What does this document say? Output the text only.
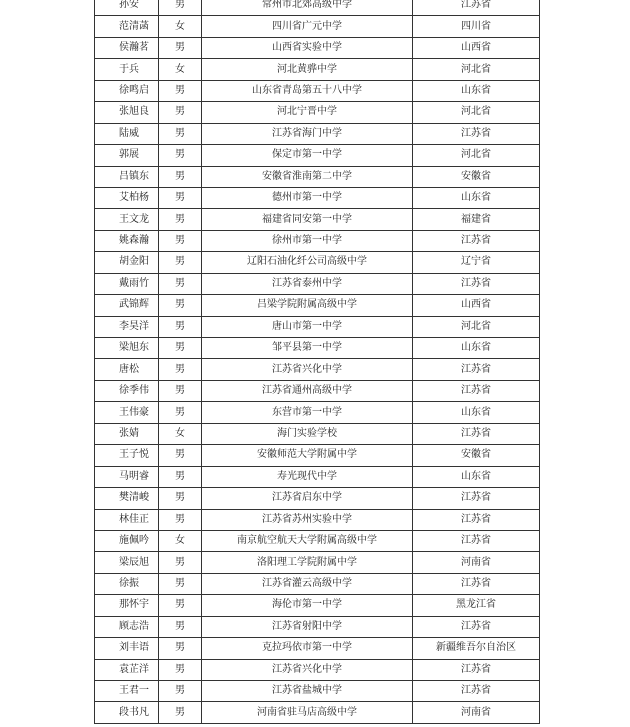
孙安	男	常州市北郊高级中学	江苏省
范清菡	女	四川省广元中学	四川省
侯瀚茗	男	山西省实验中学	山西省
于兵	女	河北黄骅中学	河北省
徐鸣启	男	山东省青岛第五十八中学	山东省
张旭良	男	河北宁晋中学	河北省
陆威	男	江苏省海门中学	江苏省
郭展	男	保定市第一中学	河北省
吕镇东	男	安徽省淮南第二中学	安徽省
艾柏杨	男	德州市第一中学	山东省
王文龙	男	福建省同安第一中学	福建省
姚森瀚	男	徐州市第一中学	江苏省
胡金阳	男	辽阳石油化纤公司高级中学	辽宁省
戴雨竹	男	江苏省泰州中学	江苏省
武锦辉	男	吕梁学院附属高级中学	山西省
李昊洋	男	唐山市第一中学	河北省
梁旭东	男	邹平县第一中学	山东省
唐松	男	江苏省兴化中学	江苏省
徐季伟	男	江苏省通州高级中学	江苏省
王伟豪	男	东营市第一中学	山东省
张婧	女	海门实验学校	江苏省
王子悦	男	安徽师范大学附属中学	安徽省
马明睿	男	寿光现代中学	山东省
樊清峻	男	江苏省启东中学	江苏省
林佳正	男	江苏省苏州实验中学	江苏省
施佩吟	女	南京航空航天大学附属高级中学	江苏省
梁辰旭	男	洛阳理工学院附属中学	河南省
徐振	男	江苏省灌云高级中学	江苏省
那怀宇	男	海伦市第一中学	黑龙江省
顾志浩	男	江苏省射阳中学	江苏省
刘丰语	男	克拉玛依市第一中学	新疆维吾尔自治区
袁芷洋	男	江苏省兴化中学	江苏省
王君一	男	江苏省盐城中学	江苏省
段书凡	男	河南省驻马店高级中学	河南省
